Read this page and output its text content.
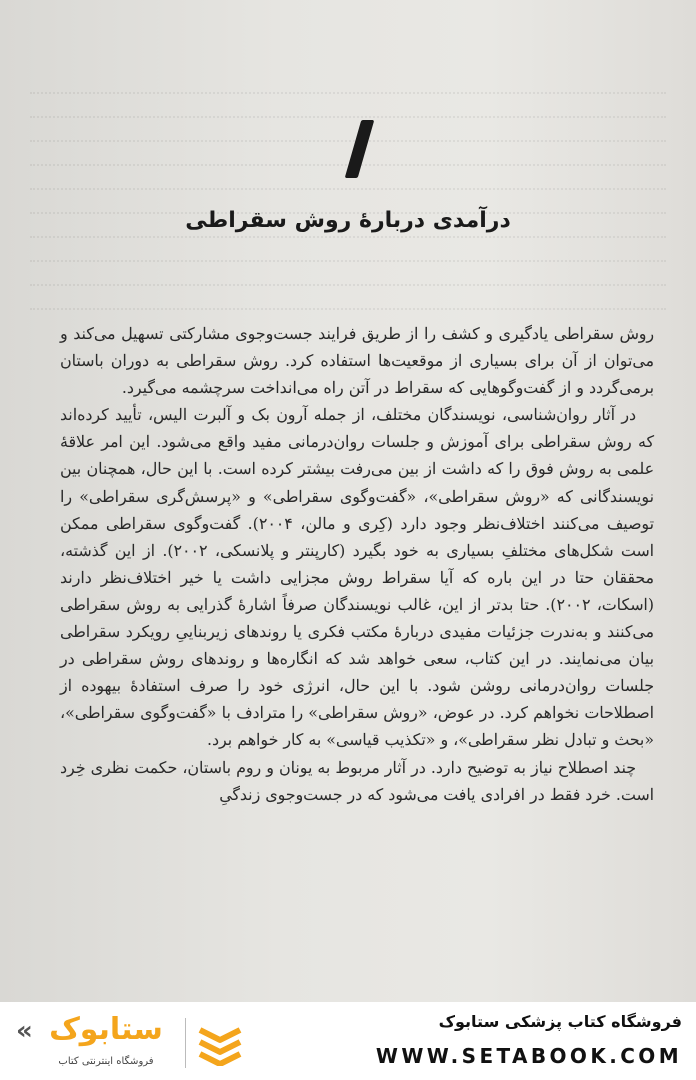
درآمدی دربارهٔ روش سقراطی

روش سقراطی یادگیری و کشف را از طریق فرایند جست‌وجوی مشارکتی تسهیل می‌کند و می‌توان از آن برای بسیاری از موقعیت‌ها استفاده کرد. روش سقراطی به دوران باستان برمی‌گردد و از گفت‌وگوهایی که سقراط در آتن راه می‌انداخت سرچشمه می‌گیرد.

در آثار روان‌شناسی، نویسندگان مختلف، از جمله آرون بک و آلبرت الیس، تأیید کرده‌اند که روش سقراطی برای آموزش و جلسات روان‌درمانی مفید واقع می‌شود. این امر علاقهٔ علمی به روش فوق را که داشت از بین می‌رفت بیشتر کرده است. با این حال، همچنان بین نویسندگانی که «روش سقراطی»، «گفت‌وگوی سقراطی» و «پرسش‌گری سقراطی» را توصیف می‌کنند اختلاف‌نظر وجود دارد (کِری و مالن، ۲۰۰۴). گفت‌وگوی سقراطی ممکن است شکل‌های مختلفِ بسیاری به خود بگیرد (کارپنتر و پلانسکی، ۲۰۰۲). از این گذشته، محققان حتا در این باره که آیا سقراط روش مجزایی داشت یا خیر اختلاف‌نظر دارند (اسکات، ۲۰۰۲). حتا بدتر از این، غالب نویسندگان صرفاً اشارهٔ گذرایی به روش سقراطی می‌کنند و به‌ندرت جزئیات مفیدی دربارهٔ مکتب فکری یا روندهای زیربناییِ رویکرد سقراطی بیان می‌نمایند. در این کتاب، سعی خواهد شد که انگاره‌ها و روندهای روش سقراطی در جلسات روان‌درمانی روشن شود. با این حال، انرژی خود را صرف استفادهٔ بیهوده از اصطلاحات نخواهم کرد. در عوض، «روش سقراطی» را مترادف با «گفت‌وگوی سقراطی»، «بحث و تبادل نظر سقراطی»، و «تکذیب قیاسی» به کار خواهم برد.

چند اصطلاح نیاز به توضیح دارد. در آثار مربوط به یونان و روم باستان، حکمت نظری خِرد است. خرد فقط در افرادی یافت می‌شود که در جست‌وجوی زندگیِ

فروشگاه کتاب پزشکی ستابوک
WWW.SETABOOK.COM
ستابوک
«
فروشگاه اینترنتی کتاب
